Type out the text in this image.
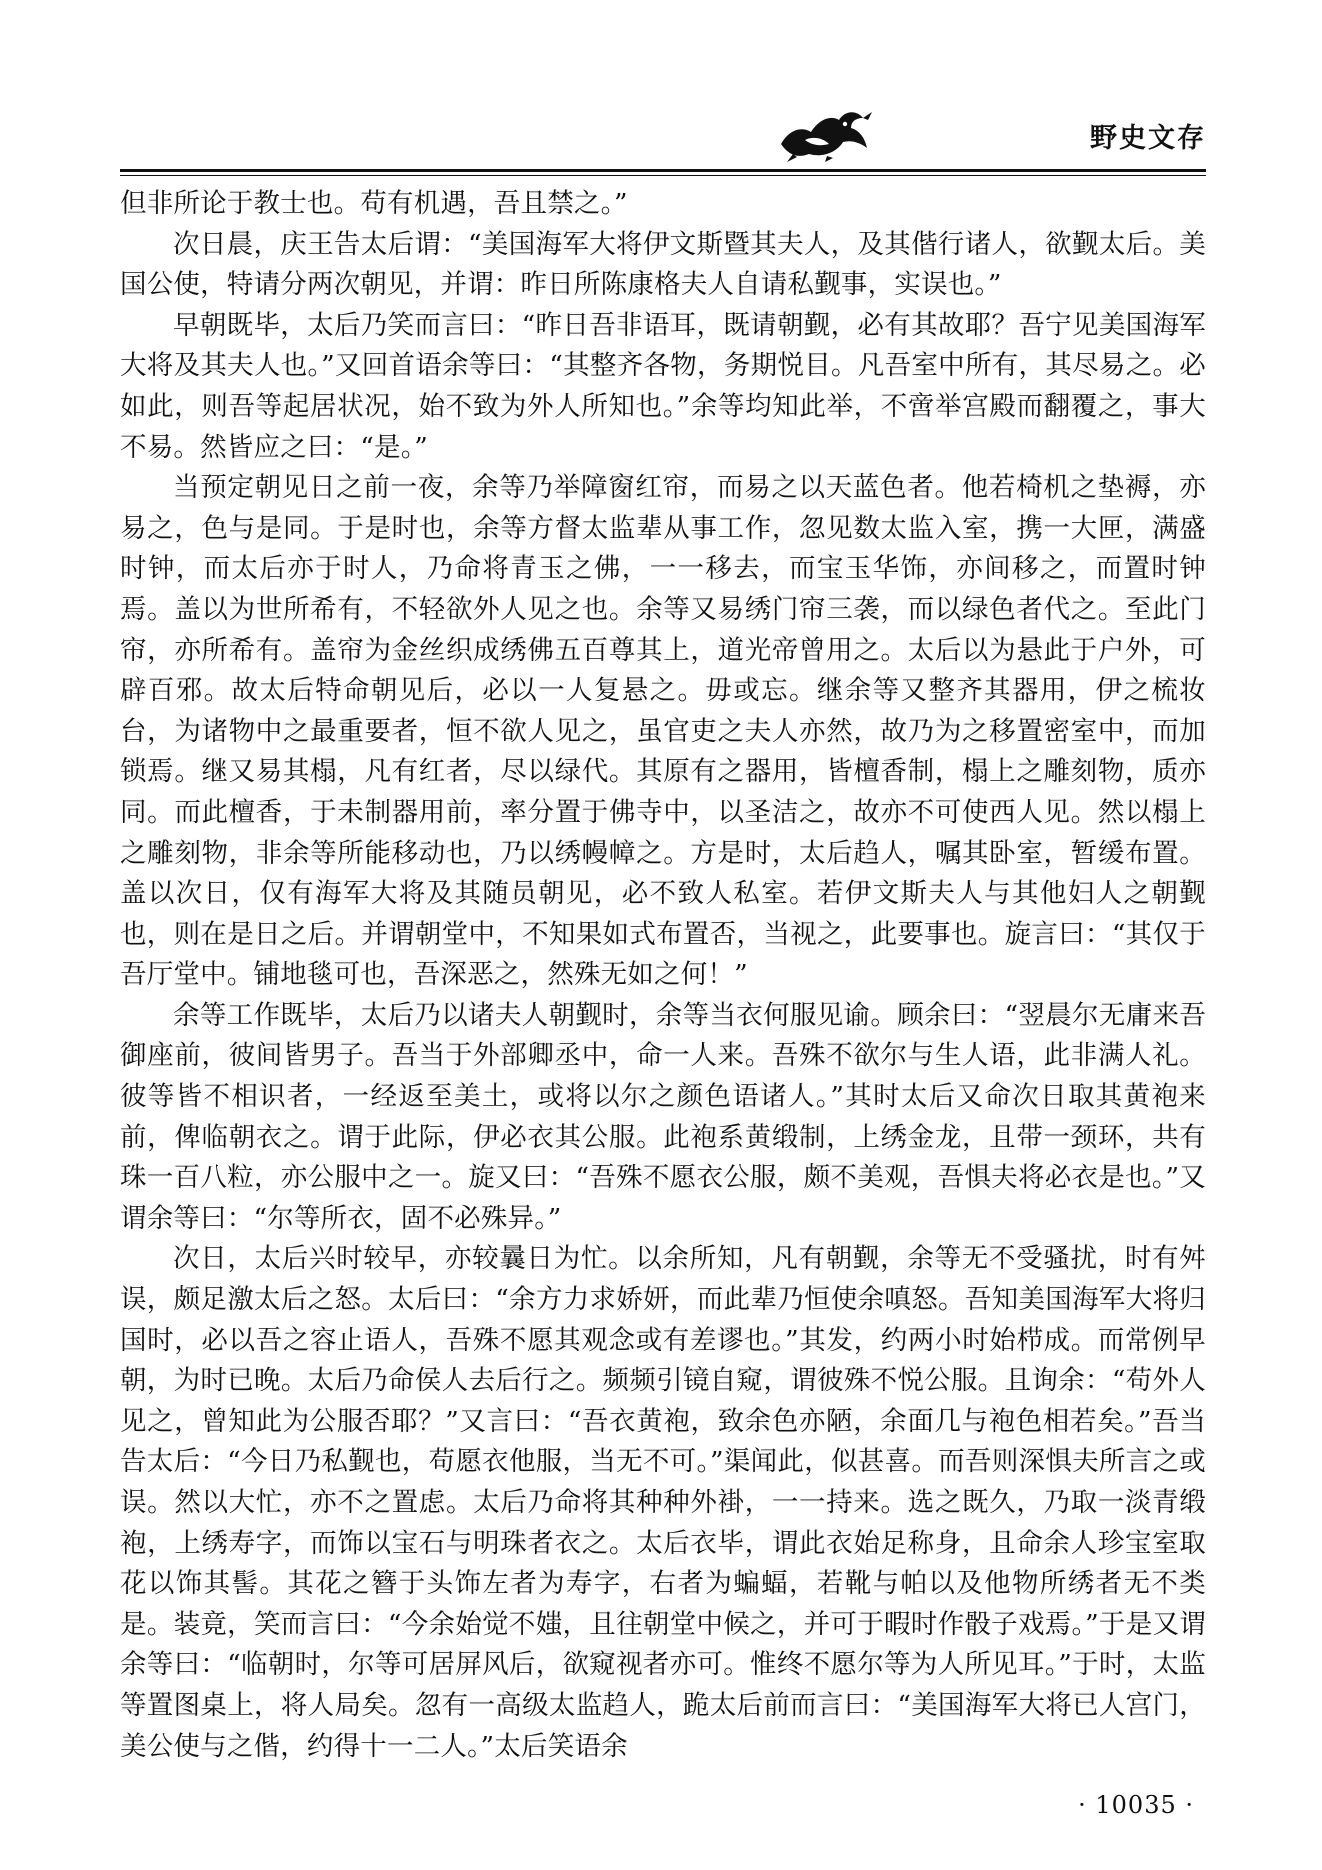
野史文存

但非所论于教士也。苟有机遇，吾且禁之。”

次日晨，庆王告太后谓：“美国海军大将伊文斯暨其夫人，及其偕行诸人，欲觐太后。美国公使，特请分两次朝见，并谓：昨日所陈康格夫人自请私觐事，实误也。”

早朝既毕，太后乃笑而言曰：“昨日吾非语耳，既请朝觐，必有其故耶？吾宁见美国海军大将及其夫人也。”又回首语余等曰：“其整齐各物，务期悦目。凡吾室中所有，其尽易之。必如此，则吾等起居状况，始不致为外人所知也。”余等均知此举，不啻举宫殿而翻覆之，事大不易。然皆应之曰：“是。”

当预定朝见日之前一夜，余等乃举障窗红帘，而易之以天蓝色者。他若椅机之垫褥，亦易之，色与是同。于是时也，余等方督太监辈从事工作，忽见数太监入室，携一大匣，满盛时钟，而太后亦于时人，乃命将青玉之佛，一一移去，而宝玉华饰，亦间移之，而置时钟焉。盖以为世所希有，不轻欲外人见之也。余等又易绣门帘三袭，而以绿色者代之。至此门帘，亦所希有。盖帘为金丝织成绣佛五百尊其上，道光帝曾用之。太后以为悬此于户外，可辟百邪。故太后特命朝见后，必以一人复悬之。毋或忘。继余等又整齐其器用，伊之梳妆台，为诸物中之最重要者，恒不欲人见之，虽官吏之夫人亦然，故乃为之移置密室中，而加锁焉。继又易其榻，凡有红者，尽以绿代。其原有之器用，皆檀香制，榻上之雕刻物，质亦同。而此檀香，于未制器用前，率分置于佛寺中，以圣洁之，故亦不可使西人见。然以榻上之雕刻物，非余等所能移动也，乃以绣幔幛之。方是时，太后趋人，嘱其卧室，暂缓布置。盖以次日，仅有海军大将及其随员朝见，必不致人私室。若伊文斯夫人与其他妇人之朝觐也，则在是日之后。并谓朝堂中，不知果如式布置否，当视之，此要事也。旋言曰：“其仅于吾厅堂中。铺地毯可也，吾深恶之，然殊无如之何！”

余等工作既毕，太后乃以诸夫人朝觐时，余等当衣何服见谕。顾余曰：“翌晨尔无庸来吾御座前，彼间皆男子。吾当于外部卿丞中，命一人来。吾殊不欲尔与生人语，此非满人礼。彼等皆不相识者，一经返至美土，或将以尔之颜色语诸人。”其时太后又命次日取其黄袍来前，俾临朝衣之。谓于此际，伊必衣其公服。此袍系黄缎制，上绣金龙，且带一颈环，共有珠一百八粒，亦公服中之一。旋又曰：“吾殊不愿衣公服，颇不美观，吾惧夫将必衣是也。”又谓余等曰：“尔等所衣，固不必殊异。”

次日，太后兴时较早，亦较曩日为忙。以余所知，凡有朝觐，余等无不受骚扰，时有舛误，颇足激太后之怒。太后曰：“余方力求娇妍，而此辈乃恒使余嗔怒。吾知美国海军大将归国时，必以吾之容止语人，吾殊不愿其观念或有差谬也。”其发，约两小时始栉成。而常例早朝，为时已晚。太后乃命侯人去后行之。频频引镜自窥，谓彼殊不悦公服。且询余：“苟外人见之，曾知此为公服否耶？”又言曰：“吾衣黄袍，致余色亦陋，余面几与袍色相若矣。”吾当告太后：“今日乃私觐也，苟愿衣他服，当无不可。”渠闻此，似甚喜。而吾则深惧夫所言之或误。然以大忙，亦不之置虑。太后乃命将其种种外褂，一一持来。选之既久，乃取一淡青缎袍，上绣寿字，而饰以宝石与明珠者衣之。太后衣毕，谓此衣始足称身，且命余人珍宝室取花以饰其髻。其花之簪于头饰左者为寿字，右者为蝙蝠，若靴与帕以及他物所绣者无不类是。装竟，笑而言曰：“今余始觉不媸，且往朝堂中候之，并可于暇时作骰子戏焉。”于是又谓余等曰：“临朝时，尔等可居屏风后，欲窥视者亦可。惟终不愿尔等为人所见耳。”于时，太监等置图桌上，将人局矣。忽有一高级太监趋人，跪太后前而言曰：“美国海军大将已人宫门，美公使与之偕，约得十一二人。”太后笑语余

· 10035 ·
